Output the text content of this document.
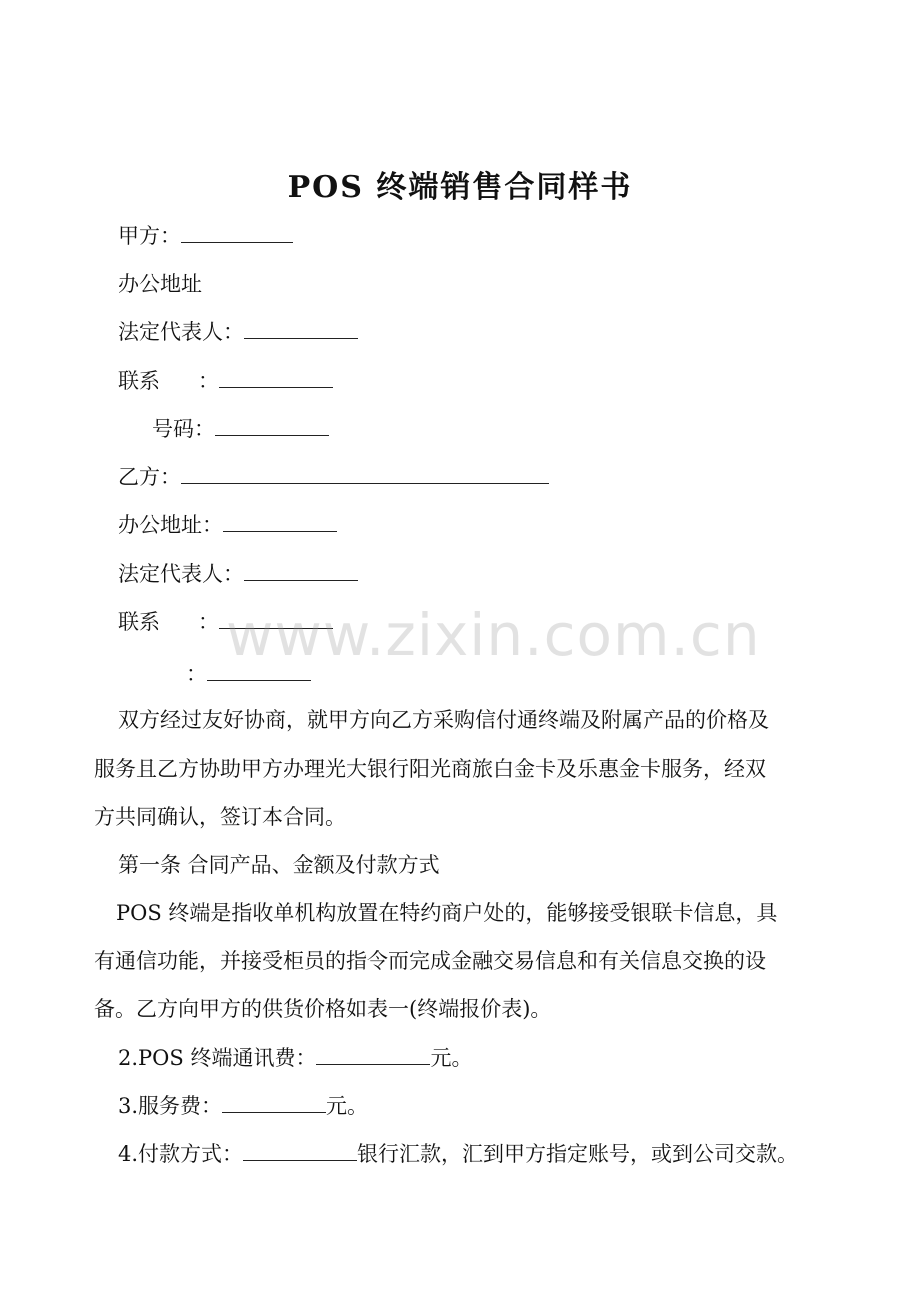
POS 终端销售合同样书
甲方：
办公地址
法定代表人：
联系 ：
号码：
乙方：
办公地址：
法定代表人：
联系 ：
：
双方经过友好协商，就甲方向乙方采购信付通终端及附属产品的价格及
服务且乙方协助甲方办理光大银行阳光商旅白金卡及乐惠金卡服务，经双
方共同确认，签订本合同。
第一条 合同产品、金额及付款方式
POS 终端是指收单机构放置在特约商户处的，能够接受银联卡信息，具
有通信功能，并接受柜员的指令而完成金融交易信息和有关信息交换的设
备。乙方向甲方的供货价格如表一(终端报价表)。
2.POS 终端通讯费：	元。
3.服务费：	元。
4.付款方式：	银行汇款，汇到甲方指定账号，或到公司交款。
www.zixin.com.cn
